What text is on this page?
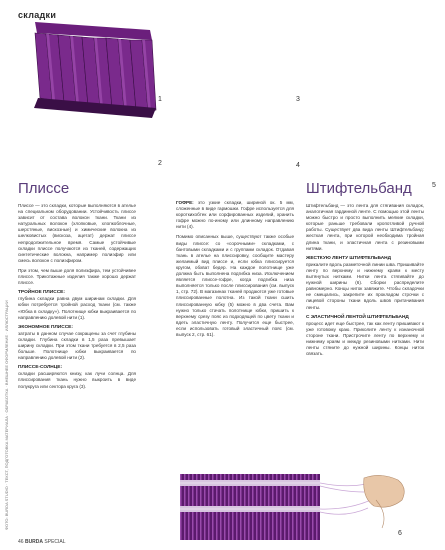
складки
ФОТО: BURDA STUDIO · ТЕКСТ, ПОДГОТОВКА МАТЕРИАЛА · ОБРАБОТКА · ВНЕШНЕЕ ОФОРМЛЕНИЕ · ИЛЛЮСТРАЦИИ
1
2
3
4
5
Плиссе

Плиссе — это складки, которые выполняются в ателье на специальном оборудовании. Устойчивость плиссе зависит от состава волокон ткани. Ткани из натуральных волокон (хлопковые, хлопкоблочные, шерстяные, вискозные) и химические волокна из шелковистых (вискоза, ацетат) держат плиссе непродолжительное время. Самые устойчивые складки плиссе получаются из тканей, содержащих синтетические волокна, например полиэфир или смесь волокон с полиэфиром.

При этом, чем выше доля полиэфира, тем устойчивее плиссе. Трикотажные изделия также хорошо держат плиссе.

ТРОЙНОЕ ПЛИССЕ:
глубина складки равна двум ширинам складки. Для юбки потребуется тройной расход ткани (см. также «Юбка в складку»). Полотнище юбки выкраивается по направлению долевой нити (1).

ЭКОНОМНОЕ ПЛИССЕ:
затраты в данном случае сокращены за счет глубины складки. Глубина складки в 1,5 раза превышает ширину складки. При этом ткани требуется в 2,5 раза больше. Полотнище юбки выкраивается по направлению долевой нити (2).

ПЛИССЕ-СОЛНЦЕ:
складки расширяются книзу, как лучи солнца. Для плиссирования ткань нужно выкроить в виде полукруга или сектора круга (3).

ГОФРЕ: это узкие складки, шириной ок. 5 мм, сложенные в виде гармошки. Гофре используется для короткихобтек или сорфированных изделий, хранить гофре можно по-иному или длинному направлению нити (4).

Помимо описанных выше, существуют также особые виды плиссе: со «сорочными» складками, с бантовыми складками и с группами складок. Отдавая ткань в ателье на плиссировку, сообщите мастеру желаемый вид плиссе и, если юбка плиссируется кругом, обхват бедер. На каждое полотнище уже должна быть выполнена подгибка низа. Исключением является плиссе-гофре, когда подгибка низа выполняется только после плиссирования (см. выпуск 1, стр. 72). В магазинах тканей продаются уже готовые плиссированные полотна. Из такой ткани сшить плиссированную юбку (5) можно в два счета. Вам нужно только стачать полотнище юбки, пришить к верхнему срезу пояс из подходящей по цвету ткани и вдеть эластичную ленту. Получится еще быстрее, если использовать готовый эластичный пояс (см. выпуск 2, стр. 61).

Штифтельбанд

Штифтельбанд — это лента для стягивания складок, аналогичная гардинной ленте. С помощью этой ленты можно быстро и просто выполнить мелкие складки, которые раньше требовали кропотливой ручной работы. Существует два вида ленты Штифтельбанд: жесткая лента, при которой необходима тройная длина ткани, и эластичная лента с резиновыми нитями.

ЖЕСТКУЮ ЛЕНТУ ШТИФТЕЛЬБАНД
прикалите вдоль разметочной линии шва. Пришивайте ленту по верхнему и нижнему краям к месту вытянутых нитками. Нитки лента стягивайте до нужной ширины (6). Сборки распределите равномерно. Концы ниток завяжите. Чтобы складочки не смещались, закрепите их прокладом строчки с лицевой стороны ткани вдоль швов притачивания ленты.

С ЭЛАСТИЧНОЙ ЛЕНТОЙ ШТИФТЕЛЬБАНД
процесс идет еще быстрее, так как ленту пришивают к уже готовому краю. Приколите ленту к изнаночной стороне ткани. Пристрочите ленту по верхнему и нижнему краям и между резиновыми нитками. Нити ленты стяните до нужной ширины. Концы ниток связать.

6
46 BURDA SPECIAL
